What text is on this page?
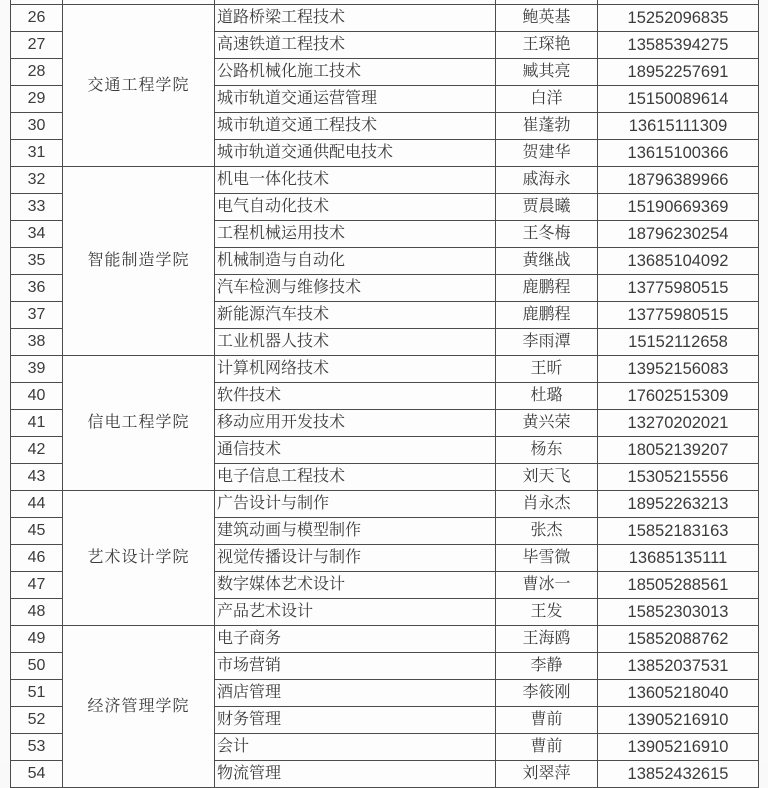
26	交通工程学院	道路桥梁工程技术	鲍英基	15252096835
27		高速铁道工程技术	王琛艳	13585394275
28		公路机械化施工技术	臧其亮	18952257691
29		城市轨道交通运营管理	白洋	15150089614
30		城市轨道交通工程技术	崔蓬勃	13615111309
31		城市轨道交通供配电技术	贺建华	13615100366
32	智能制造学院	机电一体化技术	戚海永	18796389966
33		电气自动化技术	贾晨曦	15190669369
34		工程机械运用技术	王冬梅	18796230254
35		机械制造与自动化	黄继战	13685104092
36		汽车检测与维修技术	鹿鹏程	13775980515
37		新能源汽车技术	鹿鹏程	13775980515
38		工业机器人技术	李雨潭	15152112658
39	信电工程学院	计算机网络技术	王昕	13952156083
40		软件技术	杜璐	17602515309
41		移动应用开发技术	黄兴荣	13270202021
42		通信技术	杨东	18052139207
43		电子信息工程技术	刘天飞	15305215556
44	艺术设计学院	广告设计与制作	肖永杰	18952263213
45		建筑动画与模型制作	张杰	15852183163
46		视觉传播设计与制作	毕雪微	13685135111
47		数字媒体艺术设计	曹冰一	18505288561
48		产品艺术设计	王发	15852303013
49	经济管理学院	电子商务	王海鸥	15852088762
50		市场营销	李静	13852037531
51		酒店管理	李筱刚	13605218040
52		财务管理	曹前	13905216910
53		会计	曹前	13905216910
54		物流管理	刘翠萍	13852432615
